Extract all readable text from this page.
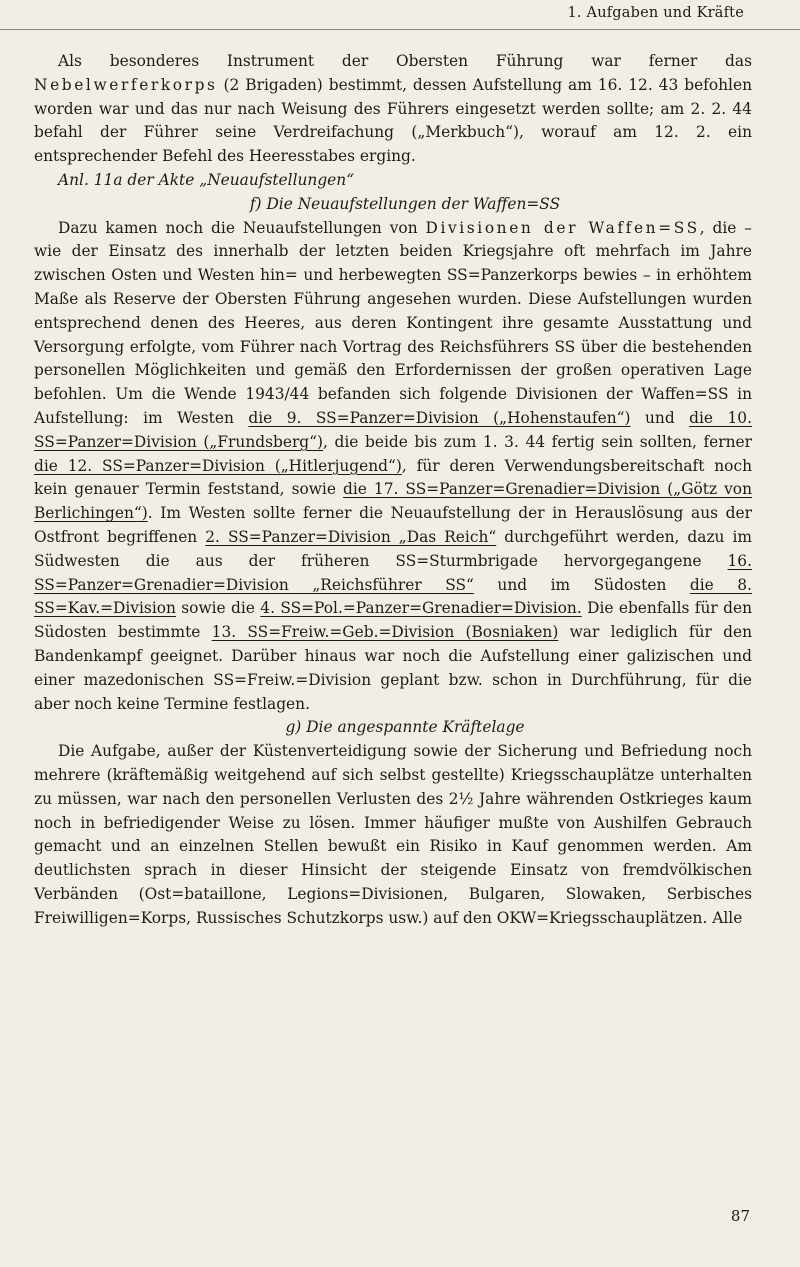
1. Aufgaben und Kräfte

Als besonderes Instrument der Obersten Führung war ferner das Nebelwerferkorps (2 Brigaden) bestimmt, dessen Aufstellung am 16. 12. 43 befohlen worden war und das nur nach Weisung des Führers eingesetzt werden sollte; am 2. 2. 44 befahl der Führer seine Verdreifachung („Merkbuch“), worauf am 12. 2. ein entsprechender Befehl des Heeresstabes erging.

Anl. 11a der Akte „Neuaufstellungen“

f) Die Neuaufstellungen der Waffen=SS

Dazu kamen noch die Neuaufstellungen von Divisionen der Waffen=SS, die – wie der Einsatz des innerhalb der letzten beiden Kriegsjahre oft mehrfach im Jahre zwischen Osten und Westen hin= und herbewegten SS=Panzerkorps bewies – in erhöhtem Maße als Reserve der Obersten Führung angesehen wurden. Diese Aufstellungen wurden entsprechend denen des Heeres, aus deren Kontingent ihre gesamte Ausstattung und Versorgung erfolgte, vom Führer nach Vortrag des Reichsführers SS über die bestehenden personellen Möglichkeiten und gemäß den Erfordernissen der großen operativen Lage befohlen. Um die Wende 1943/44 befanden sich folgende Divisionen der Waffen=SS in Aufstellung: im Westen die 9. SS=Panzer=Division („Hohenstaufen“) und die 10. SS=Panzer=Division („Frundsberg“), die beide bis zum 1. 3. 44 fertig sein sollten, ferner die 12. SS=Panzer=Division („Hitlerjugend“), für deren Verwendungsbereitschaft noch kein genauer Termin feststand, sowie die 17. SS=Panzer=Grenadier=Division („Götz von Berlichingen“). Im Westen sollte ferner die Neuaufstellung der in Herauslösung aus der Ostfront begriffenen 2. SS=Panzer=Division „Das Reich“ durchgeführt werden, dazu im Südwesten die aus der früheren SS=Sturmbrigade hervorgegangene 16. SS=Panzer=Grenadier=Division „Reichsführer SS“ und im Südosten die 8. SS=Kav.=Division sowie die 4. SS=Pol.=Panzer=Grenadier=Division. Die ebenfalls für den Südosten bestimmte 13. SS=Freiw.=Geb.=Division (Bosniaken) war lediglich für den Bandenkampf geeignet. Darüber hinaus war noch die Aufstellung einer galizischen und einer mazedonischen SS=Freiw.=Division geplant bzw. schon in Durchführung, für die aber noch keine Termine festlagen.

g) Die angespannte Kräftelage

Die Aufgabe, außer der Küstenverteidigung sowie der Sicherung und Befriedung noch mehrere (kräftemäßig weitgehend auf sich selbst gestellte) Kriegsschauplätze unterhalten zu müssen, war nach den personellen Verlusten des 2½ Jahre währenden Ostkrieges kaum noch in befriedigender Weise zu lösen. Immer häufiger mußte von Aushilfen Gebrauch gemacht und an einzelnen Stellen bewußt ein Risiko in Kauf genommen werden. Am deutlichsten sprach in dieser Hinsicht der steigende Einsatz von fremdvölkischen Verbänden (Ost=bataillone, Legions=Divisionen, Bulgaren, Slowaken, Serbisches Freiwilligen=Korps, Russisches Schutzkorps usw.) auf den OKW=Kriegsschauplätzen. Alle

87
